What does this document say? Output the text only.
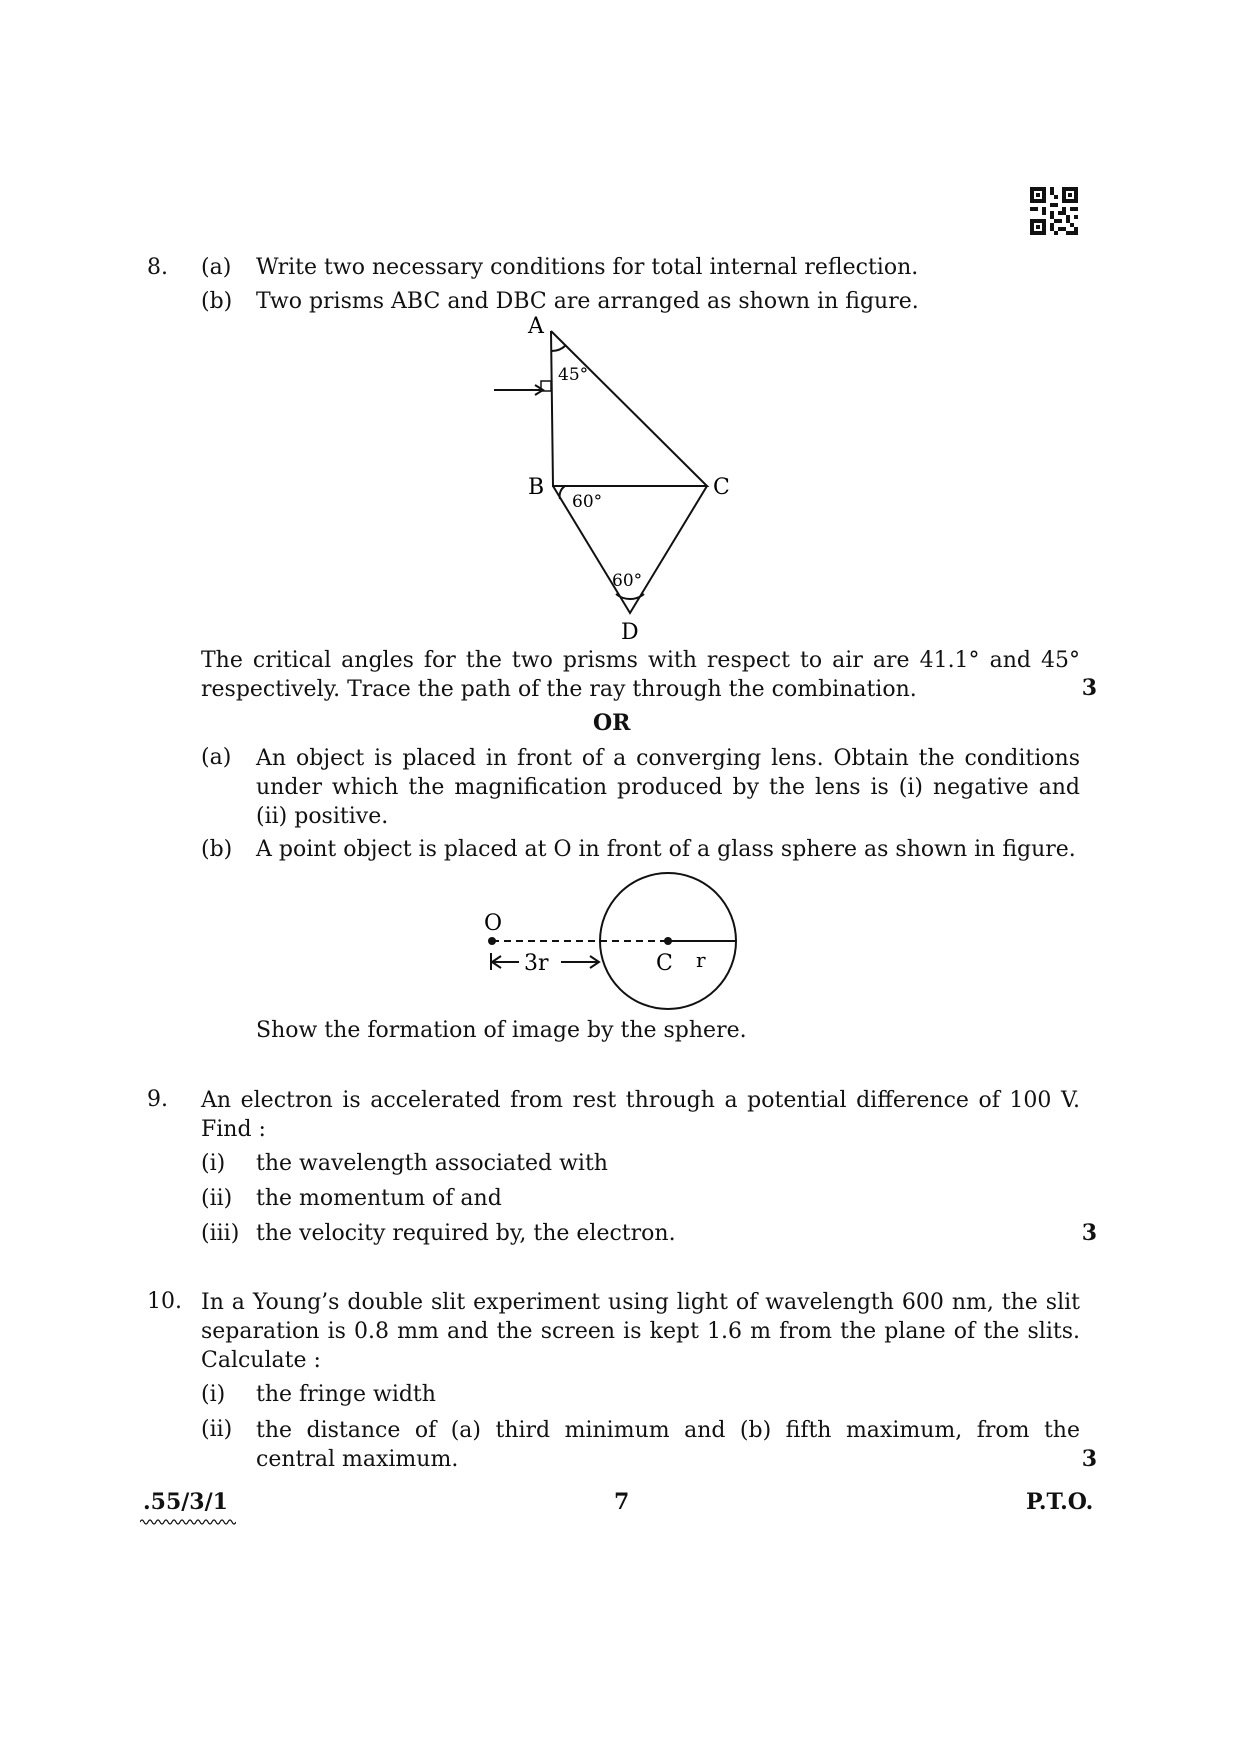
8. (a) Write two necessary conditions for total internal reflection.
(b) Two prisms ABC and DBC are arranged as shown in figure.
A
45°
B
60°
C
60°
D
The critical angles for the two prisms with respect to air are 41.1° and 45°
respectively. Trace the path of the ray through the combination.	3
OR
(a) An object is placed in front of a converging lens. Obtain the conditions
under which the magnification produced by the lens is (i) negative and
(ii) positive.
(b) A point object is placed at O in front of a glass sphere as shown in figure.
O
3r	C r
Show the formation of image by the sphere.
9. An electron is accelerated from rest through a potential difference of 100 V.
Find :
(i) the wavelength associated with
(ii) the momentum of and
(iii) the velocity required by, the electron.	3
10. In a Young’s double slit experiment using light of wavelength 600 nm, the slit
separation is 0.8 mm and the screen is kept 1.6 m from the plane of the slits.
Calculate :
(i) the fringe width
(ii) the distance of (a) third minimum and (b) fifth maximum, from the
central maximum.	3
.55/3/1	7	P.T.O.
